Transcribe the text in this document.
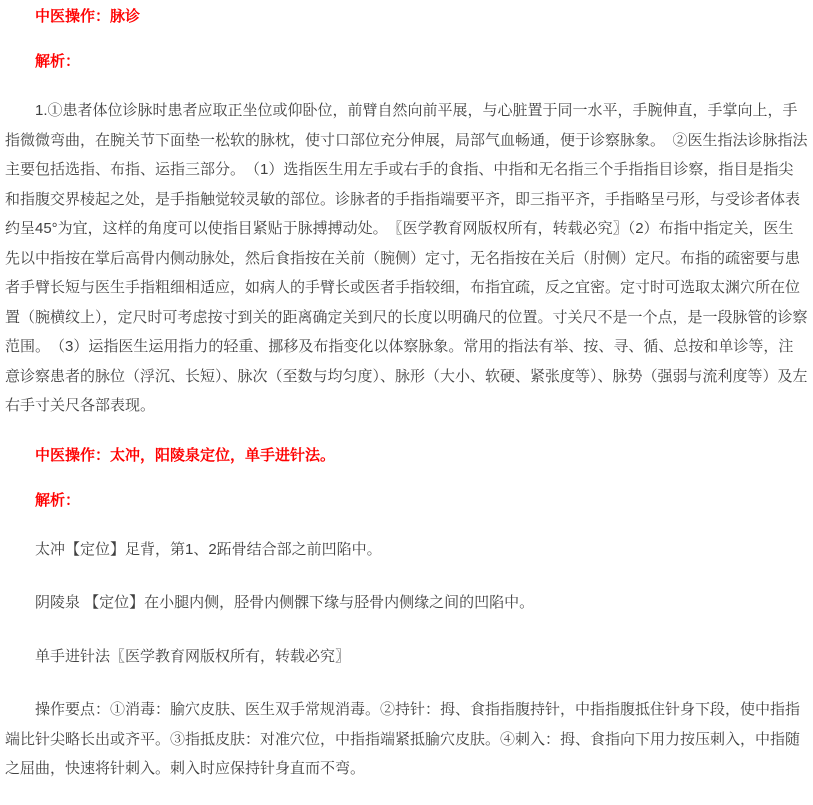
中医操作：脉诊

解析：

1.①患者体位诊脉时患者应取正坐位或仰卧位，前臂自然向前平展，与心脏置于同一水平，手腕伸直，手掌向上，手指微微弯曲，在腕关节下面垫一松软的脉枕，使寸口部位充分伸展，局部气血畅通，便于诊察脉象。　②医生指法诊脉指法主要包括选指、布指、运指三部分。　（1）选指医生用左手或右手的食指、中指和无名指三个手指指目诊察，指目是指尖和指腹交界棱起之处，是手指触觉较灵敏的部位。诊脉者的手指指端要平齐，即三指平齐，手指略呈弓形，与受诊者体表约呈45°为宜，这样的角度可以使指目紧贴于脉搏搏动处。　〖医学教育网版权所有，转载必究〗（2）布指中指定关，医生先以中指按在掌后高骨内侧动脉处，然后食指按在关前（腕侧）定寸，无名指按在关后（肘侧）定尺。布指的疏密要与患者手臂长短与医生手指粗细相适应，如病人的手臂长或医者手指较细，布指宜疏，反之宜密。定寸时可选取太渊穴所在位置（腕横纹上），定尺时可考虑按寸到关的距离确定关到尺的长度以明确尺的位置。寸关尺不是一个点，是一段脉管的诊察范围。　（3）运指医生运用指力的轻重、挪移及布指变化以体察脉象。常用的指法有举、按、寻、循、总按和单诊等，注意诊察患者的脉位（浮沉、长短）、脉次（至数与均匀度）、脉形（大小、软硬、紧张度等）、脉势（强弱与流利度等）及左右手寸关尺各部表现。

中医操作：太冲，阳陵泉定位，单手进针法。

解析：

太冲【定位】足背，第1、2跖骨结合部之前凹陷中。

阴陵泉 【定位】在小腿内侧，胫骨内侧髁下缘与胫骨内侧缘之间的凹陷中。

单手进针法〖医学教育网版权所有，转载必究〗

操作要点：①消毒：腧穴皮肤、医生双手常规消毒。②持针：拇、食指指腹持针，中指指腹抵住针身下段，使中指指端比针尖略长出或齐平。③指抵皮肤：对准穴位，中指指端紧抵腧穴皮肤。④刺入：拇、食指向下用力按压刺入，中指随之屈曲，快速将针刺入。刺入时应保持针身直而不弯。
